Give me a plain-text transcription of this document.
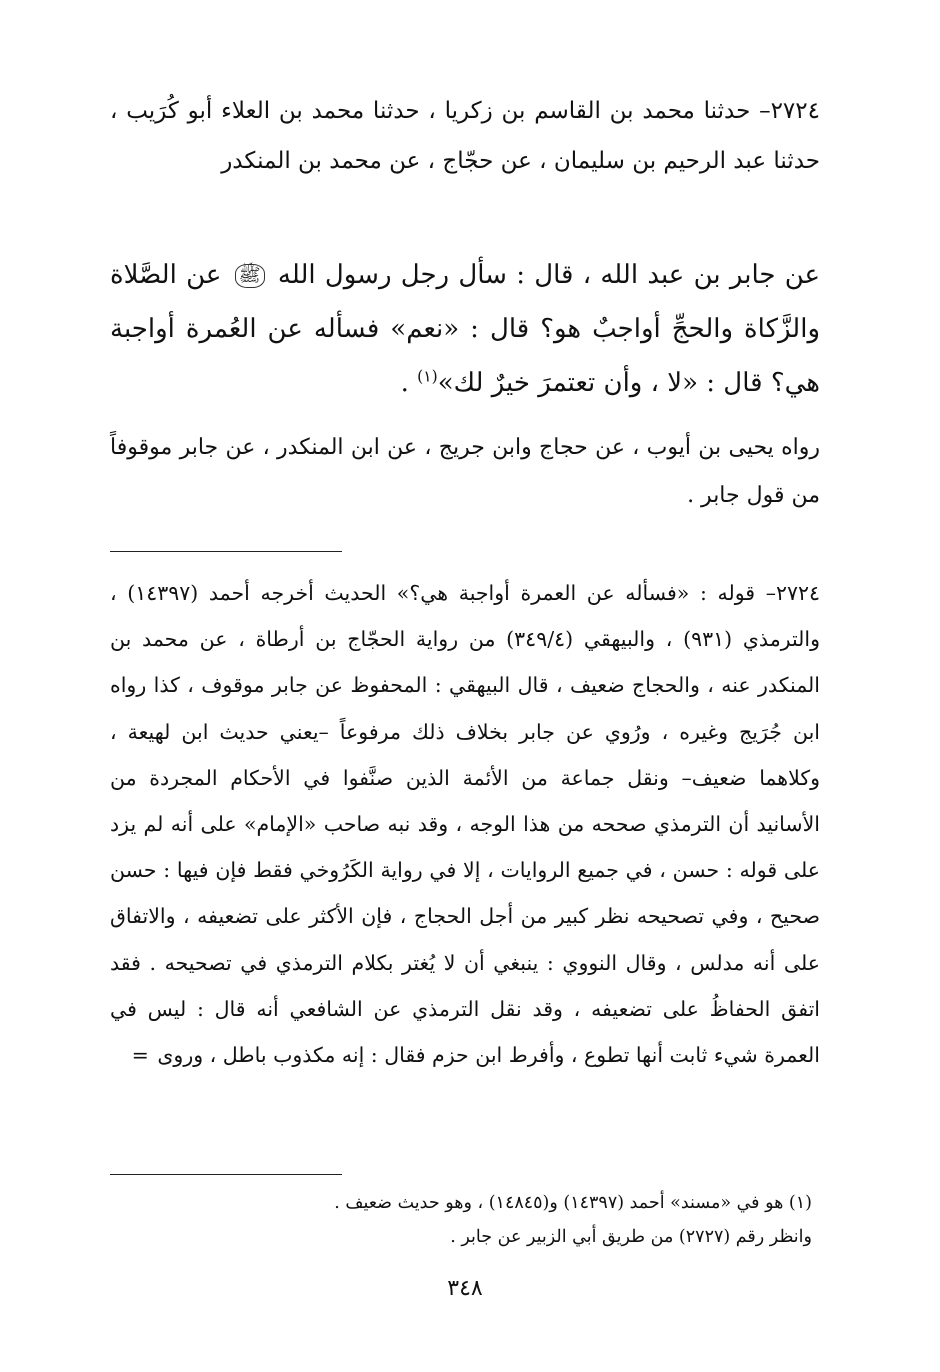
٢٧٢٤– حدثنا محمد بن القاسم بن زكريا ، حدثنا محمد بن العلاء أبو كُرَيب ، حدثنا عبد الرحيم بن سليمان ، عن حجّاج ، عن محمد بن المنكدر

عن جابر بن عبد الله ، قال : سأل رجل رسول الله ﷺ عن الصَّلاة والزَّكاة والحجِّ أواجبٌ هو؟ قال : «نعم» فسأله عن العُمرة أواجبة هي؟ قال : «لا ، وأن تعتمرَ خيرٌ لك»$^{(١)}$ .

رواه يحيى بن أيوب ، عن حجاج وابن جريج ، عن ابن المنكدر ، عن جابر موقوفاً من قول جابر .

٢٧٢٤– قوله : «فسأله عن العمرة أواجبة هي؟» الحديث أخرجه أحمد (١٤٣٩٧) ، والترمذي (٩٣١) ، والبيهقي (٣٤٩/٤) من رواية الحجّاج بن أرطاة ، عن محمد بن المنكدر عنه ، والحجاج ضعيف ، قال البيهقي : المحفوظ عن جابر موقوف ، كذا رواه ابن جُرَيج وغيره ، ورُوي عن جابر بخلاف ذلك مرفوعاً –يعني حديث ابن لهيعة ، وكلاهما ضعيف– ونقل جماعة من الأئمة الذين صنَّفوا في الأحكام المجردة من الأسانيد أن الترمذي صححه من هذا الوجه ، وقد نبه صاحب «الإمام» على أنه لم يزد على قوله : حسن ، في جميع الروايات ، إلا في رواية الكَرُوخي فقط فإن فيها : حسن صحيح ، وفي تصحيحه نظر كبير من أجل الحجاج ، فإن الأكثر على تضعيفه ، والاتفاق على أنه مدلس ، وقال النووي : ينبغي أن لا يُغتر بكلام الترمذي في تصحيحه . فقد اتفق الحفاظُ على تضعيفه ، وقد نقل الترمذي عن الشافعي أنه قال : ليس في العمرة شيء ثابت أنها تطوع ، وأفرط ابن حزم فقال : إنه مكذوب باطل ، وروى =

(١) هو في «مسند» أحمد (١٤٣٩٧) و(١٤٨٤٥) ، وهو حديث ضعيف .
وانظر رقم (٢٧٢٧) من طريق أبي الزبير عن جابر .
٣٤٨
